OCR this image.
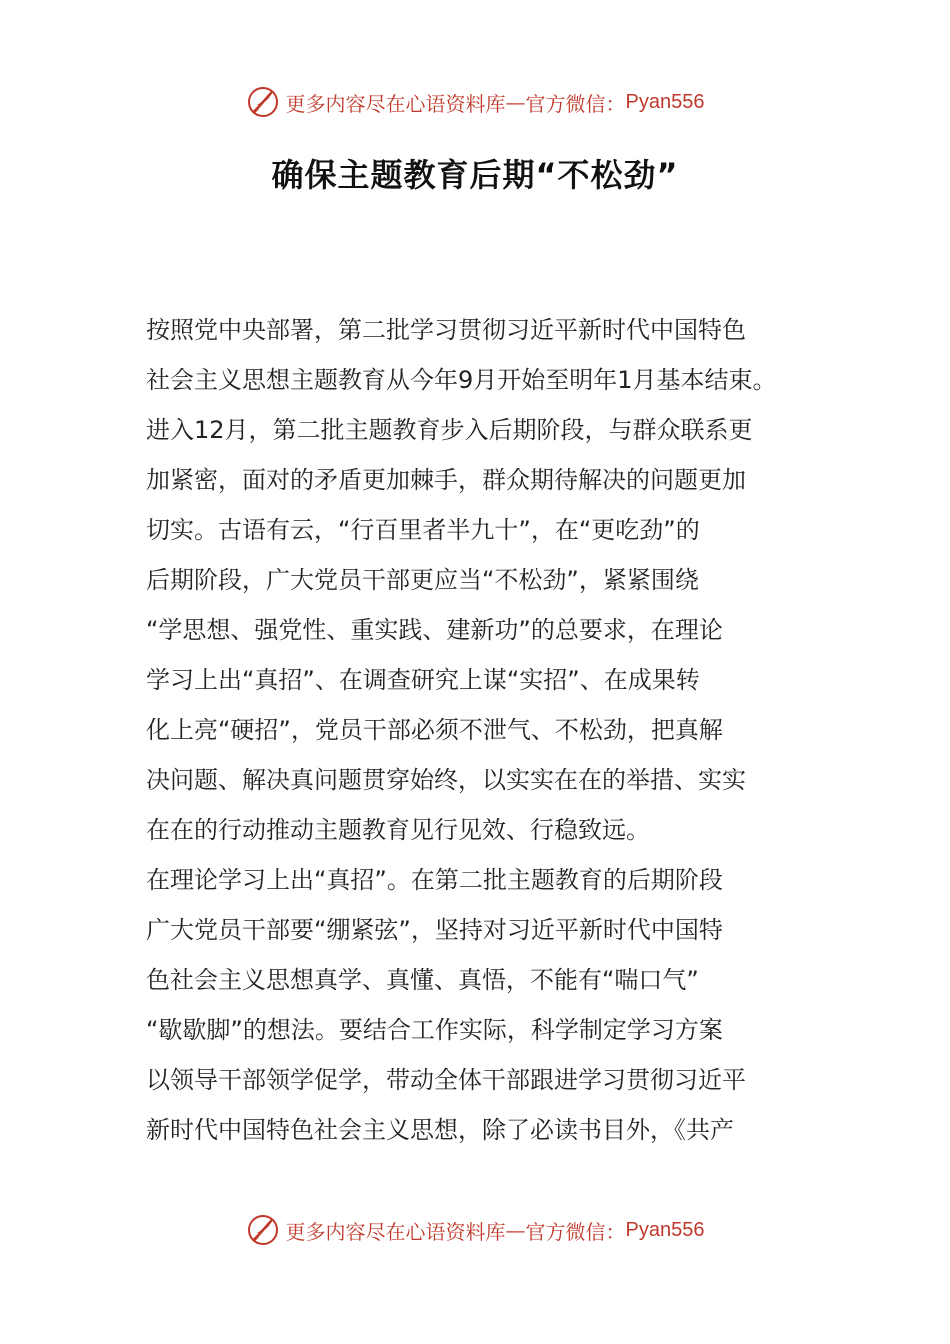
更多内容尽在心语资料库 — 官方微信： Pyan556
确保主题教育后期“不松劲”
按照党中央部署，第二批学习贯彻习近平新时代中国特色
社会主义思想主题教育从今年9月开始至明年1月基本结束。
进入12月，第二批主题教育步入后期阶段，与群众联系更
加紧密，面对的矛盾更加棘手，群众期待解决的问题更加
切实。古语有云，“行百里者半九十”，在“更吃劲”的
后期阶段，广大党员干部更应当“不松劲”，紧紧围绕
“学思想、强党性、重实践、建新功”的总要求，在理论
学习上出“真招”、在调查研究上谋“实招”、在成果转
化上亮“硬招”，党员干部必须不泄气、不松劲，把真解
决问题、解决真问题贯穿始终，以实实在在的举措、实实
在在的行动推动主题教育见行见效、行稳致远。
在理论学习上出“真招”。在第二批主题教育的后期阶段
广大党员干部要“绷紧弦”，坚持对习近平新时代中国特
色社会主义思想真学、真懂、真悟，不能有“喘口气”
“歇歇脚”的想法。要结合工作实际，科学制定学习方案
以领导干部领学促学，带动全体干部跟进学习贯彻习近平
新时代中国特色社会主义思想，除了必读书目外，《共产
更多内容尽在心语资料库 — 官方微信： Pyan556
